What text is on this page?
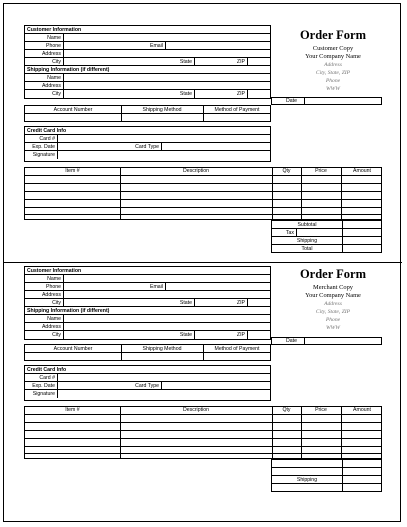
Customer Information
Name
Phone	Email
Address
City	State	ZIP
Shipping Information (if different)
Name
Address
City	State	ZIP
Account Number	Shipping Method	Method of Payment
Credit Card Info
Card #
Exp. Date	Card Type
Signature
Order Form
Customer Copy
Your Company Name
Address
City, State, ZIP
Phone
WWW
Date
Item #	Description	Qty	Price	Amount
Subtotal
Tax
Shipping
Total
Customer Information
Name
Phone	Email
Address
City	State	ZIP
Shipping Information (if different)
Name
Address
City	State	ZIP
Account Number	Shipping Method	Method of Payment
Credit Card Info
Card #
Exp. Date	Card Type
Signature
Order Form
Merchant Copy
Your Company Name
Address
City, State, ZIP
Phone
WWW
Date
Item #	Description	Qty	Price	Amount
Shipping
